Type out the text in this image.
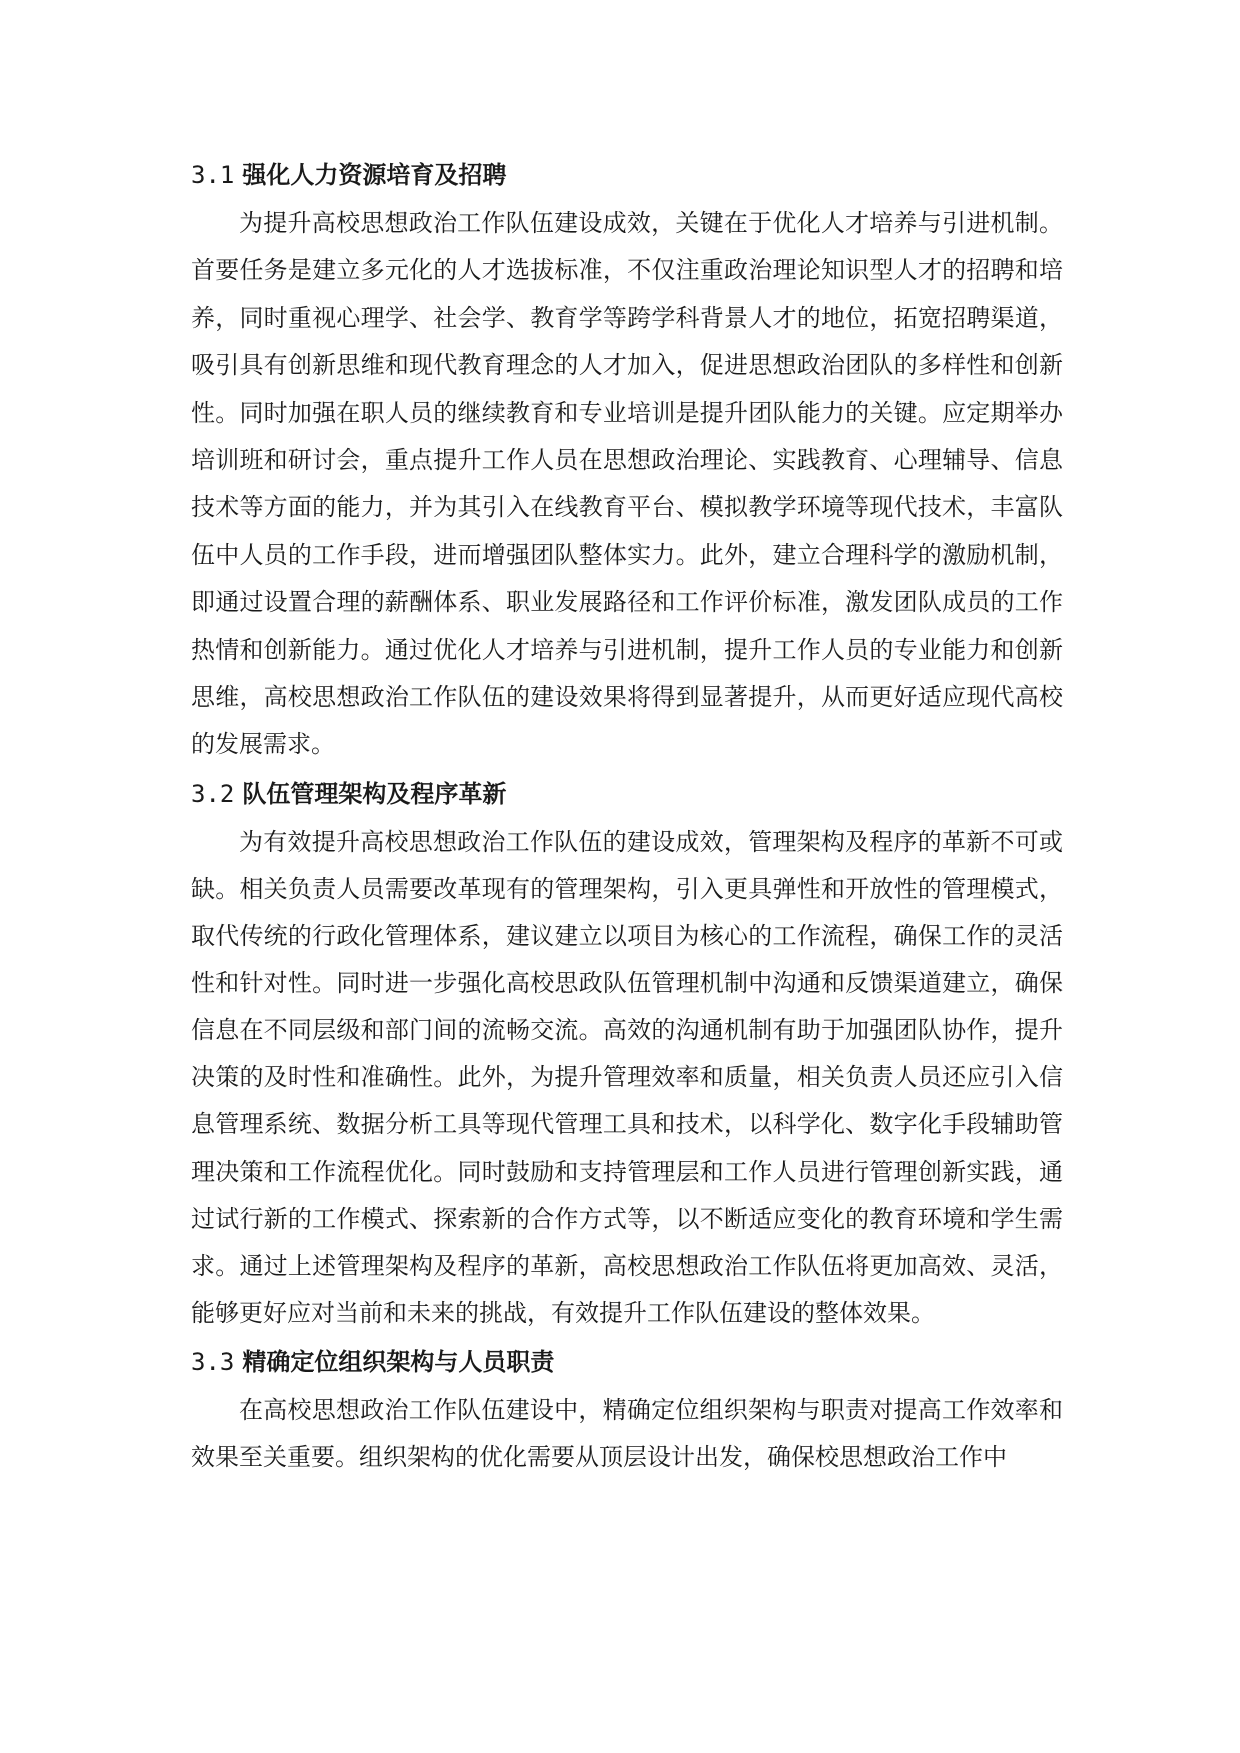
3.1 强化人力资源培育及招聘

为提升高校思想政治工作队伍建设成效，关键在于优化人才培养与引进机制。首要任务是建立多元化的人才选拔标准，不仅注重政治理论知识型人才的招聘和培养，同时重视心理学、社会学、教育学等跨学科背景人才的地位，拓宽招聘渠道，吸引具有创新思维和现代教育理念的人才加入，促进思想政治团队的多样性和创新性。同时加强在职人员的继续教育和专业培训是提升团队能力的关键。应定期举办培训班和研讨会，重点提升工作人员在思想政治理论、实践教育、心理辅导、信息技术等方面的能力，并为其引入在线教育平台、模拟教学环境等现代技术，丰富队伍中人员的工作手段，进而增强团队整体实力。此外，建立合理科学的激励机制，即通过设置合理的薪酬体系、职业发展路径和工作评价标准，激发团队成员的工作热情和创新能力。通过优化人才培养与引进机制，提升工作人员的专业能力和创新思维，高校思想政治工作队伍的建设效果将得到显著提升，从而更好适应现代高校的发展需求。

3.2 队伍管理架构及程序革新

为有效提升高校思想政治工作队伍的建设成效，管理架构及程序的革新不可或缺。相关负责人员需要改革现有的管理架构，引入更具弹性和开放性的管理模式，取代传统的行政化管理体系，建议建立以项目为核心的工作流程，确保工作的灵活性和针对性。同时进一步强化高校思政队伍管理机制中沟通和反馈渠道建立，确保信息在不同层级和部门间的流畅交流。高效的沟通机制有助于加强团队协作，提升决策的及时性和准确性。此外，为提升管理效率和质量，相关负责人员还应引入信息管理系统、数据分析工具等现代管理工具和技术，以科学化、数字化手段辅助管理决策和工作流程优化。同时鼓励和支持管理层和工作人员进行管理创新实践，通过试行新的工作模式、探索新的合作方式等，以不断适应变化的教育环境和学生需求。通过上述管理架构及程序的革新，高校思想政治工作队伍将更加高效、灵活，能够更好应对当前和未来的挑战，有效提升工作队伍建设的整体效果。

3.3 精确定位组织架构与人员职责

在高校思想政治工作队伍建设中，精确定位组织架构与职责对提高工作效率和效果至关重要。组织架构的优化需要从顶层设计出发，确保校思想政治工作中
